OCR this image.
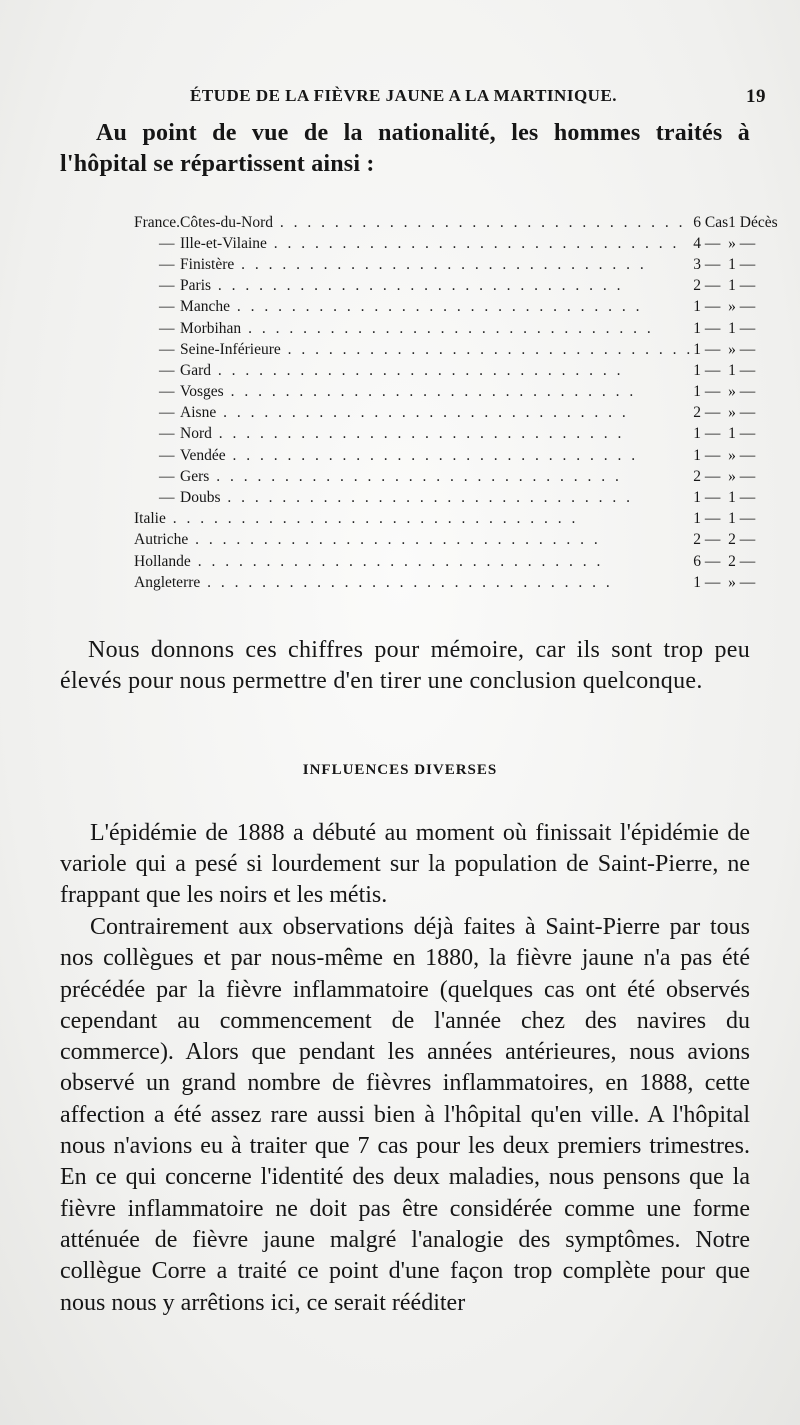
ÉTUDE DE LA FIÈVRE JAUNE A LA MARTINIQUE.	19

Au point de vue de la nationalité, les hommes traités à l'hôpital se répartissent ainsi :

France.	Côtes-du-Nord . . . . . . . . . . . . . . . . . . . . . . . . . . . . . .	6 Cas	1 Décès
—	Ille-et-Vilaine . . . . . . . . . . . . . . . . . . . . . . . . . . . . . .	4 —	» —
—	Finistère . . . . . . . . . . . . . . . . . . . . . . . . . . . . . .	3 —	1 —
—	Paris . . . . . . . . . . . . . . . . . . . . . . . . . . . . . .	2 —	1 —
—	Manche . . . . . . . . . . . . . . . . . . . . . . . . . . . . . .	1 —	» —
—	Morbihan . . . . . . . . . . . . . . . . . . . . . . . . . . . . . .	1 —	1 —
—	Seine-Inférieure . . . . . . . . . . . . . . . . . . . . . . . . . . . . . .	1 —	» —
—	Gard . . . . . . . . . . . . . . . . . . . . . . . . . . . . . .	1 —	1 —
—	Vosges . . . . . . . . . . . . . . . . . . . . . . . . . . . . . .	1 —	» —
—	Aisne . . . . . . . . . . . . . . . . . . . . . . . . . . . . . .	2 —	» —
—	Nord . . . . . . . . . . . . . . . . . . . . . . . . . . . . . .	1 —	1 —
—	Vendée . . . . . . . . . . . . . . . . . . . . . . . . . . . . . .	1 —	» —
—	Gers . . . . . . . . . . . . . . . . . . . . . . . . . . . . . .	2 —	» —
—	Doubs . . . . . . . . . . . . . . . . . . . . . . . . . . . . . .	1 —	1 —
Italie . . . . . . . . . . . . . . . . . . . . . . . . . . . . . .		1 —	1 —
Autriche . . . . . . . . . . . . . . . . . . . . . . . . . . . . . .		2 —	2 —
Hollande . . . . . . . . . . . . . . . . . . . . . . . . . . . . . .		6 —	2 —
Angleterre . . . . . . . . . . . . . . . . . . . . . . . . . . . . . .		1 —	» —

Nous donnons ces chiffres pour mémoire, car ils sont trop peu élevés pour nous permettre d'en tirer une conclusion quelconque.

INFLUENCES DIVERSES

L'épidémie de 1888 a débuté au moment où finissait l'épidémie de variole qui a pesé si lourdement sur la population de Saint-Pierre, ne frappant que les noirs et les métis.

Contrairement aux observations déjà faites à Saint-Pierre par tous nos collègues et par nous-même en 1880, la fièvre jaune n'a pas été précédée par la fièvre inflammatoire (quelques cas ont été observés cependant au commencement de l'année chez des navires du commerce). Alors que pendant les années antérieures, nous avions observé un grand nombre de fièvres inflammatoires, en 1888, cette affection a été assez rare aussi bien à l'hôpital qu'en ville. A l'hôpital nous n'avions eu à traiter que 7 cas pour les deux premiers trimestres. En ce qui concerne l'identité des deux maladies, nous pensons que la fièvre inflammatoire ne doit pas être considérée comme une forme atténuée de fièvre jaune malgré l'analogie des symptômes. Notre collègue Corre a traité ce point d'une façon trop complète pour que nous nous y arrêtions ici, ce serait rééditer
